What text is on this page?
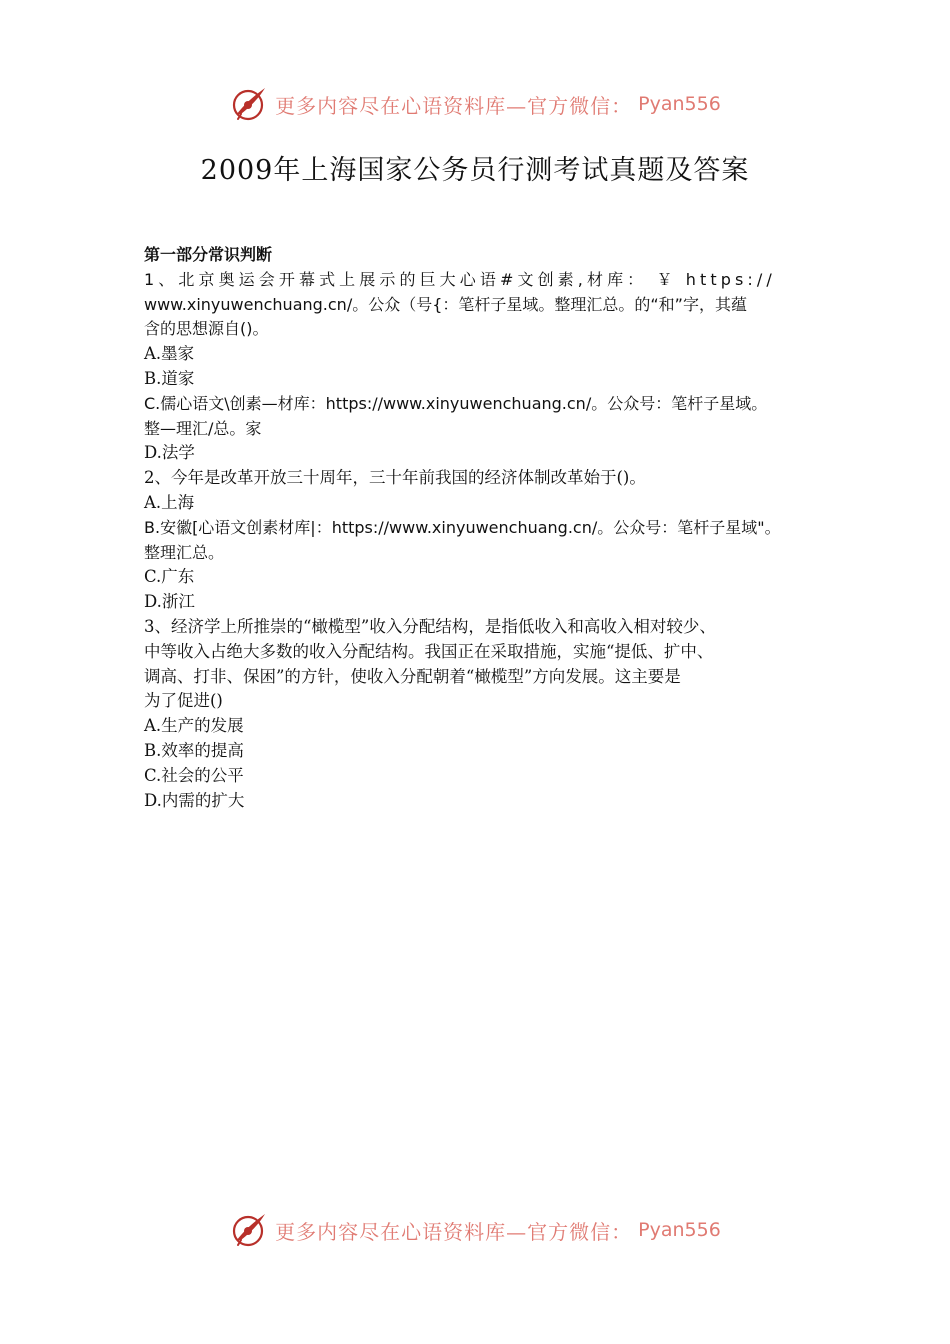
更多内容尽在心语资料库—官方微信： Pyan556
2009年上海国家公务员行测考试真题及答案

第一部分常识判断

1、北京奥运会开幕式上展示的巨大心语#文创素,材库： ￥ https://

www.xinyuwenchuang.cn/。公众（号{：笔杆子星域。整理汇总。的“和”字，其蕴

含的思想源自()。

A.墨家

B.道家

C.儒心语文\创素—材库：https://www.xinyuwenchuang.cn/。公众号：笔杆子星域。

整—理汇/总。家

D.法学

2、今年是改革开放三十周年，三十年前我国的经济体制改革始于()。

A.上海

B.安徽[心语文创素材库|：https://www.xinyuwenchuang.cn/。公众号：笔杆子星域"。

整理汇总。

C.广东

D.浙江

3、经济学上所推崇的“橄榄型”收入分配结构，是指低收入和高收入相对较少、

中等收入占绝大多数的收入分配结构。我国正在采取措施，实施“提低、扩中、

调高、打非、保困”的方针，使收入分配朝着“橄榄型”方向发展。这主要是

为了促进()

A.生产的发展

B.效率的提高

C.社会的公平

D.内需的扩大

更多内容尽在心语资料库—官方微信： Pyan556
